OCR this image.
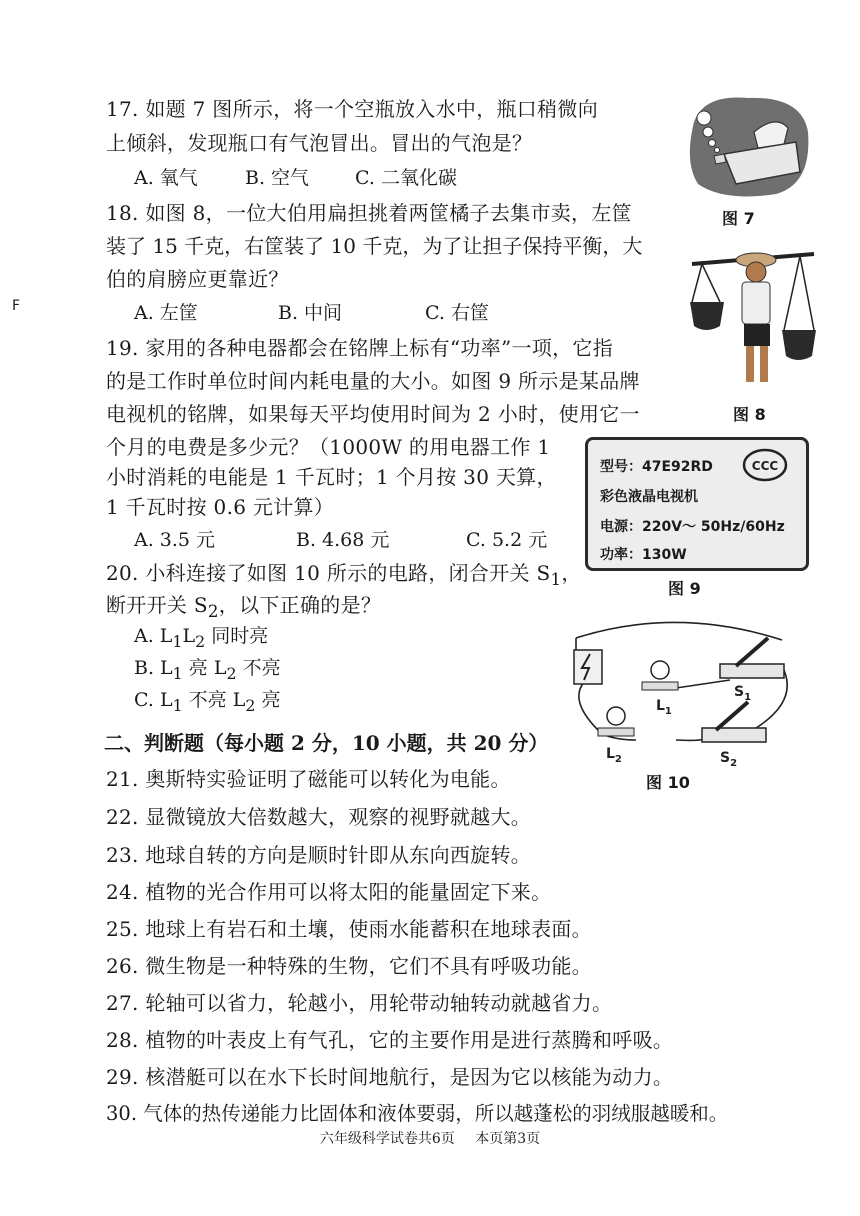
F
17. 如题 7 图所示，将一个空瓶放入水中，瓶口稍微向
上倾斜，发现瓶口有气泡冒出。冒出的气泡是？
A. 氧气 B. 空气 C. 二氧化碳
18. 如图 8，一位大伯用扁担挑着两筐橘子去集市卖，左筐
装了 15 千克，右筐装了 10 千克，为了让担子保持平衡，大
伯的肩膀应更靠近？
A. 左筐	B. 中间	C. 右筐
19. 家用的各种电器都会在铭牌上标有“功率”一项，它指
的是工作时单位时间内耗电量的大小。如图 9 所示是某品牌
电视机的铭牌，如果每天平均使用时间为 2 小时，使用它一
个月的电费是多少元？（1000W 的用电器工作 1
小时消耗的电能是 1 千瓦时；1 个月按 30 天算，
1 千瓦时按 0.6 元计算）
A. 3.5 元	B. 4.68 元	C. 5.2 元
20. 小科连接了如图 10 所示的电路，闭合开关 $S_1$，
断开开关 $S_2$，以下正确的是？
A. $L_1L_2$ 同时亮
B. $L_1$ 亮 $L_2$ 不亮
C. $L_1$ 不亮 $L_2$ 亮
二、判断题（每小题 2 分，10 小题，共 20 分）
21. 奥斯特实验证明了磁能可以转化为电能。
22. 显微镜放大倍数越大，观察的视野就越大。
23. 地球自转的方向是顺时针即从东向西旋转。
24. 植物的光合作用可以将太阳的能量固定下来。
25. 地球上有岩石和土壤，使雨水能蓄积在地球表面。
26. 微生物是一种特殊的生物，它们不具有呼吸功能。
27. 轮轴可以省力，轮越小，用轮带动轴转动就越省力。
28. 植物的叶表皮上有气孔，它的主要作用是进行蒸腾和呼吸。
29. 核潜艇可以在水下长时间地航行，是因为它以核能为动力。
30. 气体的热传递能力比固体和液体要弱，所以越蓬松的羽绒服越暖和。
图 7
图 8
型号：47E92RD
彩色液晶电视机
电源：220V～ 50Hz/60Hz
功率：130W
CCC
图 9
$L_1$
$L_2$
$S_1$
$S_2$
图 10
六年级科学试卷共6页 本页第3页
